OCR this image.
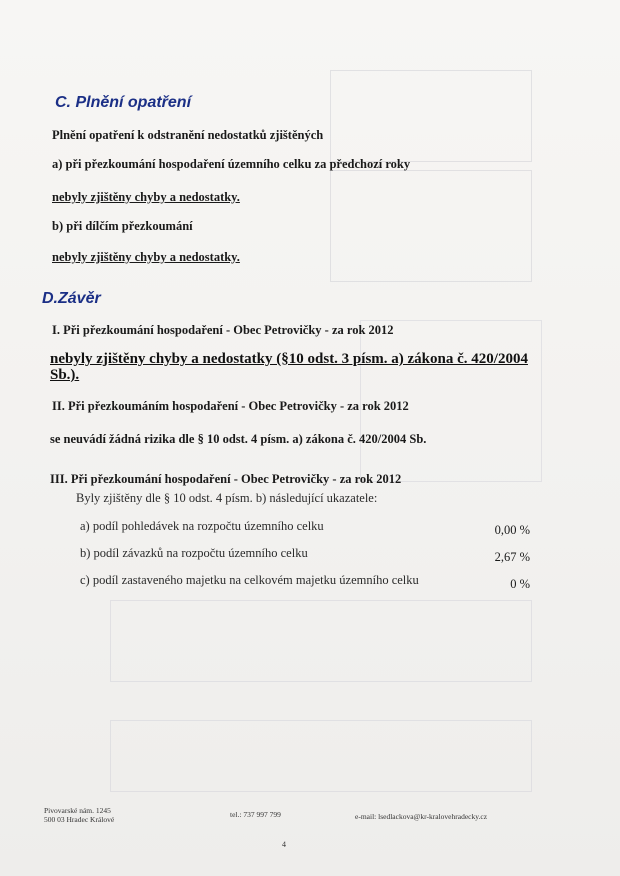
C. Plnění opatření
Plnění opatření k odstranění nedostatků zjištěných
a) při přezkoumání hospodaření územního celku za předchozí roky
nebyly zjištěny chyby a nedostatky.
b) při dílčím přezkoumání
nebyly zjištěny chyby a nedostatky.
D.Závěr
I. Při přezkoumání hospodaření - Obec Petrovičky - za rok 2012
nebyly zjištěny chyby a nedostatky (§10 odst. 3 písm. a) zákona č. 420/2004
Sb.).
II. Při přezkoumáním hospodaření - Obec Petrovičky - za rok 2012
se neuvádí žádná rizika dle § 10 odst. 4 písm. a) zákona č. 420/2004 Sb.
III. Při přezkoumání hospodaření - Obec Petrovičky - za rok 2012
Byly zjištěny dle § 10 odst. 4 písm. b) následující ukazatele:
a) podíl pohledávek na rozpočtu územního celku	0,00 %
b) podíl závazků na rozpočtu územního celku	2,67 %
c) podíl zastaveného majetku na celkovém majetku územního celku	0 %
Pivovarské nám. 1245
500 03 Hradec Králové
tel.: 737 997 799	e-mail: lsedlackova@kr-kralovehradecky.cz
4
